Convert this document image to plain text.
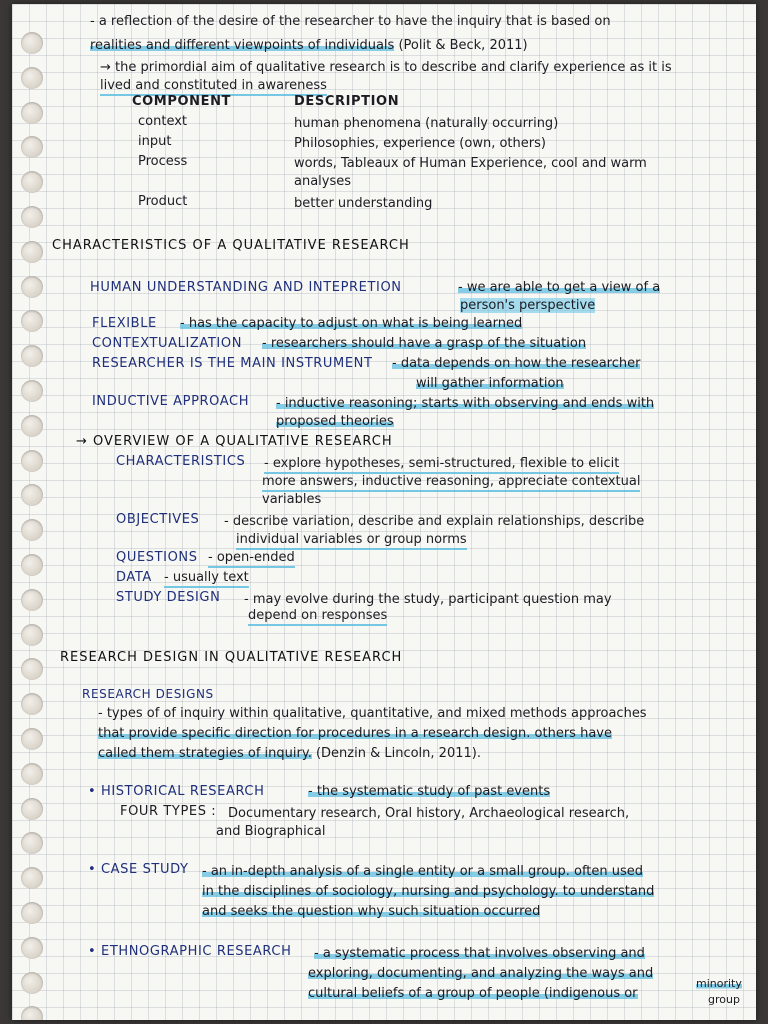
- a reflection of the desire of the researcher to have the inquiry that is based on
realities and different viewpoints of individuals (Polit & Beck, 2011)
→ the primordial aim of qualitative research is to describe and clarify experience as it is
lived and constituted in awareness
COMPONENT	DESCRIPTION
context	human phenomena (naturally occurring)
input	Philosophies, experience (own, others)
Process	words, Tableaux of Human Experience, cool and warm
analyses
Product	better understanding
CHARACTERISTICS OF A QUALITATIVE RESEARCH
HUMAN UNDERSTANDING AND INTEPRETION	- we are able to get a view of a
person's perspective
FLEXIBLE - has the capacity to adjust on what is being learned
CONTEXTUALIZATION - researchers should have a grasp of the situation
RESEARCHER IS THE MAIN INSTRUMENT - data depends on how the researcher
will gather information
INDUCTIVE APPROACH - inductive reasoning; starts with observing and ends with
proposed theories
→ OVERVIEW OF A QUALITATIVE RESEARCH
CHARACTERISTICS - explore hypotheses, semi-structured, flexible to elicit
more answers, inductive reasoning, appreciate contextual
variables
OBJECTIVES - describe variation, describe and explain relationships, describe
individual variables or group norms
QUESTIONS - open-ended
DATA - usually text
STUDY DESIGN - may evolve during the study, participant question may
depend on responses
RESEARCH DESIGN IN QUALITATIVE RESEARCH
RESEARCH DESIGNS
- types of of inquiry within qualitative, quantitative, and mixed methods approaches
that provide specific direction for procedures in a research design. others have
called them strategies of inquiry. (Denzin & Lincoln, 2011).
• HISTORICAL RESEARCH	- the systematic study of past events
FOUR TYPES : Documentary research, Oral history, Archaeological research,
and Biographical
• CASE STUDY - an in-depth analysis of a single entity or a small group. often used
in the disciplines of sociology, nursing and psychology. to understand
and seeks the question why such situation occurred
• ETHNOGRAPHIC RESEARCH - a systematic process that involves observing and
exploring, documenting, and analyzing the ways and
cultural beliefs of a group of people (indigenous or
minority
group
